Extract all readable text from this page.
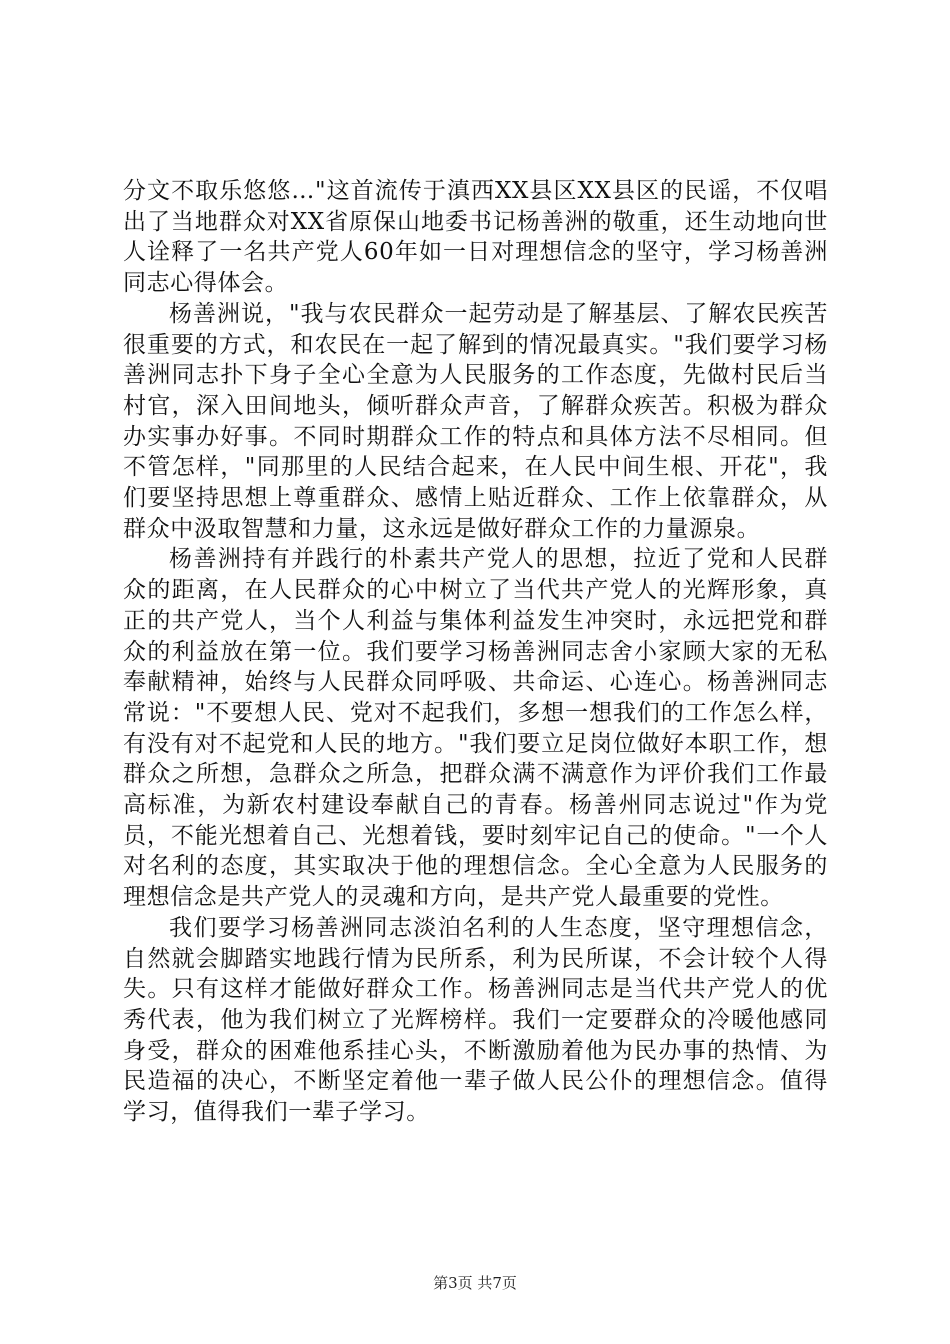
分文不取乐悠悠…"这首流传于滇西XX县区XX县区的民谣，不仅唱出了当地群众对XX省原保山地委书记杨善洲的敬重，还生动地向世人诠释了一名共产党人60年如一日对理想信念的坚守，学习杨善洲同志心得体会。

杨善洲说，"我与农民群众一起劳动是了解基层、了解农民疾苦很重要的方式，和农民在一起了解到的情况最真实。"我们要学习杨善洲同志扑下身子全心全意为人民服务的工作态度，先做村民后当村官，深入田间地头，倾听群众声音，了解群众疾苦。积极为群众办实事办好事。不同时期群众工作的特点和具体方法不尽相同。但不管怎样，"同那里的人民结合起来，在人民中间生根、开花"，我们要坚持思想上尊重群众、感情上贴近群众、工作上依靠群众，从群众中汲取智慧和力量，这永远是做好群众工作的力量源泉。

杨善洲持有并践行的朴素共产党人的思想，拉近了党和人民群众的距离，在人民群众的心中树立了当代共产党人的光辉形象，真正的共产党人，当个人利益与集体利益发生冲突时，永远把党和群众的利益放在第一位。我们要学习杨善洲同志舍小家顾大家的无私奉献精神，始终与人民群众同呼吸、共命运、心连心。杨善洲同志常说："不要想人民、党对不起我们，多想一想我们的工作怎么样，有没有对不起党和人民的地方。"我们要立足岗位做好本职工作，想群众之所想，急群众之所急，把群众满不满意作为评价我们工作最高标准，为新农村建设奉献自己的青春。杨善州同志说过"作为党员，不能光想着自己、光想着钱，要时刻牢记自己的使命。"一个人对名利的态度，其实取决于他的理想信念。全心全意为人民服务的理想信念是共产党人的灵魂和方向，是共产党人最重要的党性。

我们要学习杨善洲同志淡泊名利的人生态度，坚守理想信念，自然就会脚踏实地践行情为民所系，利为民所谋，不会计较个人得失。只有这样才能做好群众工作。杨善洲同志是当代共产党人的优秀代表，他为我们树立了光辉榜样。我们一定要群众的冷暖他感同身受，群众的困难他系挂心头，不断激励着他为民办事的热情、为民造福的决心，不断坚定着他一辈子做人民公仆的理想信念。值得学习，值得我们一辈子学习。

第3页 共7页
